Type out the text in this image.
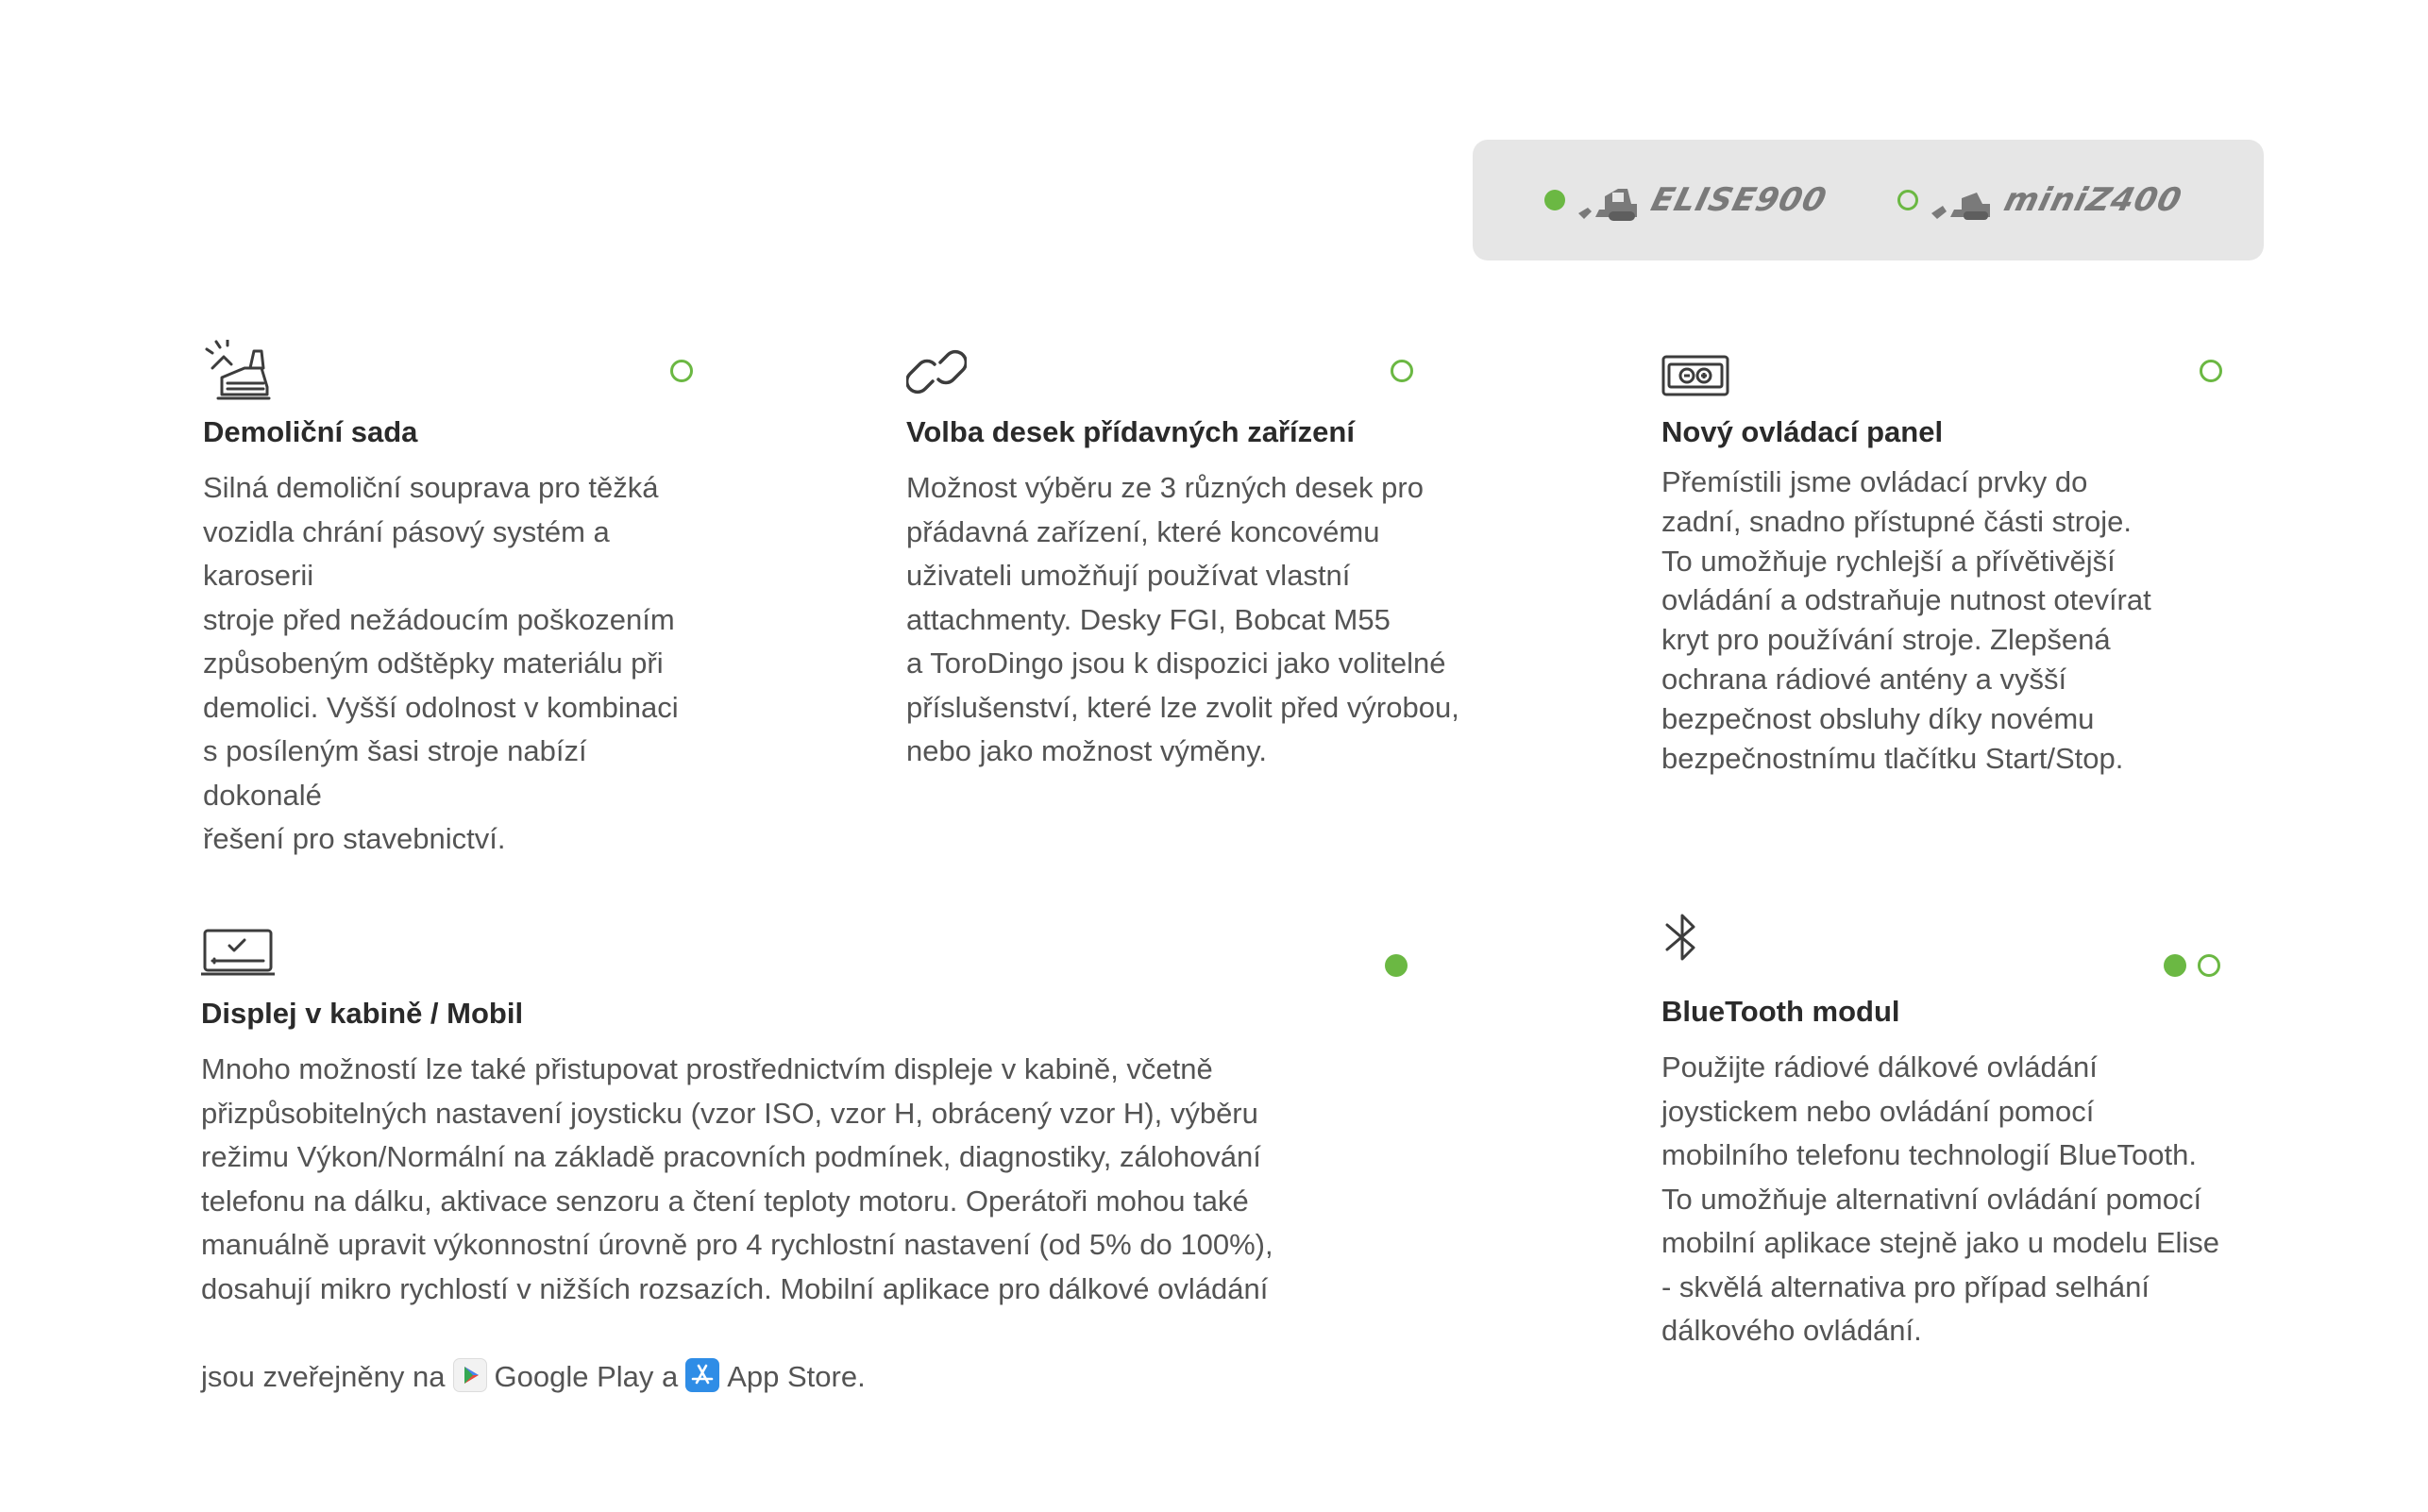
ELISE900	miniZ400
Demoliční sada

Silná demoliční souprava pro těžká
vozidla chrání pásový systém a karoserii
stroje před nežádoucím poškozením
způsobeným odštěpky materiálu při
demolici. Vyšší odolnost v kombinaci
s posíleným šasi stroje nabízí dokonalé
řešení pro stavebnictví.

Volba desek přídavných zařízení

Možnost výběru ze 3 různých desek pro
přádavná zařízení, které koncovému
uživateli umožňují používat vlastní
attachmenty. Desky FGI, Bobcat M55
a ToroDingo jsou k dispozici jako volitelné
příslušenství, které lze zvolit před výrobou,
nebo jako možnost výměny.

Nový ovládací panel

Přemístili jsme ovládací prvky do
zadní, snadno přístupné části stroje.
To umožňuje rychlejší a přívětivější
ovládání a odstraňuje nutnost otevírat
kryt pro používání stroje. Zlepšená
ochrana rádiové antény a vyšší
bezpečnost obsluhy díky novému
bezpečnostnímu tlačítku Start/Stop.

Displej v kabině / Mobil

Mnoho možností lze také přistupovat prostřednictvím displeje v kabině, včetně
přizpůsobitelných nastavení joysticku (vzor ISO, vzor H, obrácený vzor H), výběru
režimu Výkon/Normální na základě pracovních podmínek, diagnostiky, zálohování
telefonu na dálku, aktivace senzoru a čtení teploty motoru. Operátoři mohou také
manuálně upravit výkonnostní úrovně pro 4 rychlostní nastavení (od 5% do 100%),
dosahují mikro rychlostí v nižších rozsazích. Mobilní aplikace pro dálkové ovládání

jsou zveřejněny na Google Play a App Store.

BlueTooth modul

Použijte rádiové dálkové ovládání
joystickem nebo ovládání pomocí
mobilního telefonu technologií BlueTooth.
To umožňuje alternativní ovládání pomocí
mobilní aplikace stejně jako u modelu Elise
- skvělá alternativa pro případ selhání
dálkového ovládání.
